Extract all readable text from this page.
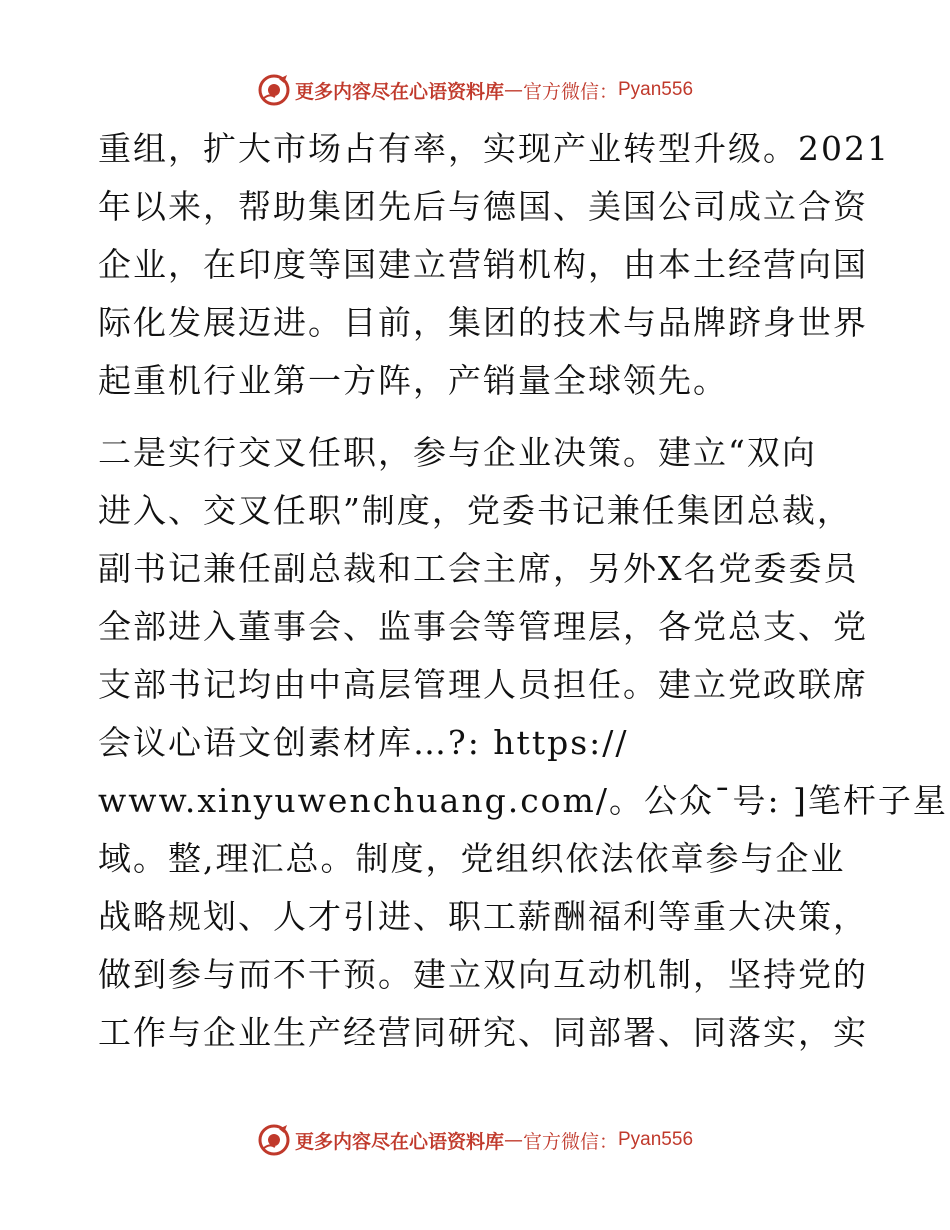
更多内容尽在心语资料库 — 官方微信： Pyan556
重组，扩大市场占有率，实现产业转型升级。2021
年以来，帮助集团先后与德国、美国公司成立合资
企业，在印度等国建立营销机构，由本土经营向国
际化发展迈进。目前，集团的技术与品牌跻身世界
起重机行业第一方阵，产销量全球领先。
二是实行交叉任职，参与企业决策。建立“双向
进入、交叉任职”制度，党委书记兼任集团总裁，
副书记兼任副总裁和工会主席，另外X名党委委员
全部进入董事会、监事会等管理层，各党总支、党
支部书记均由中高层管理人员担任。建立党政联席
会议心语文创素材库…?: https://
www.xinyuwenchuang.com/。公众¯号: ]笔杆子星
域。整,理汇总。制度，党组织依法依章参与企业
战略规划、人才引进、职工薪酬福利等重大决策，
做到参与而不干预。建立双向互动机制，坚持党的
工作与企业生产经营同研究、同部署、同落实，实
更多内容尽在心语资料库 — 官方微信： Pyan556
